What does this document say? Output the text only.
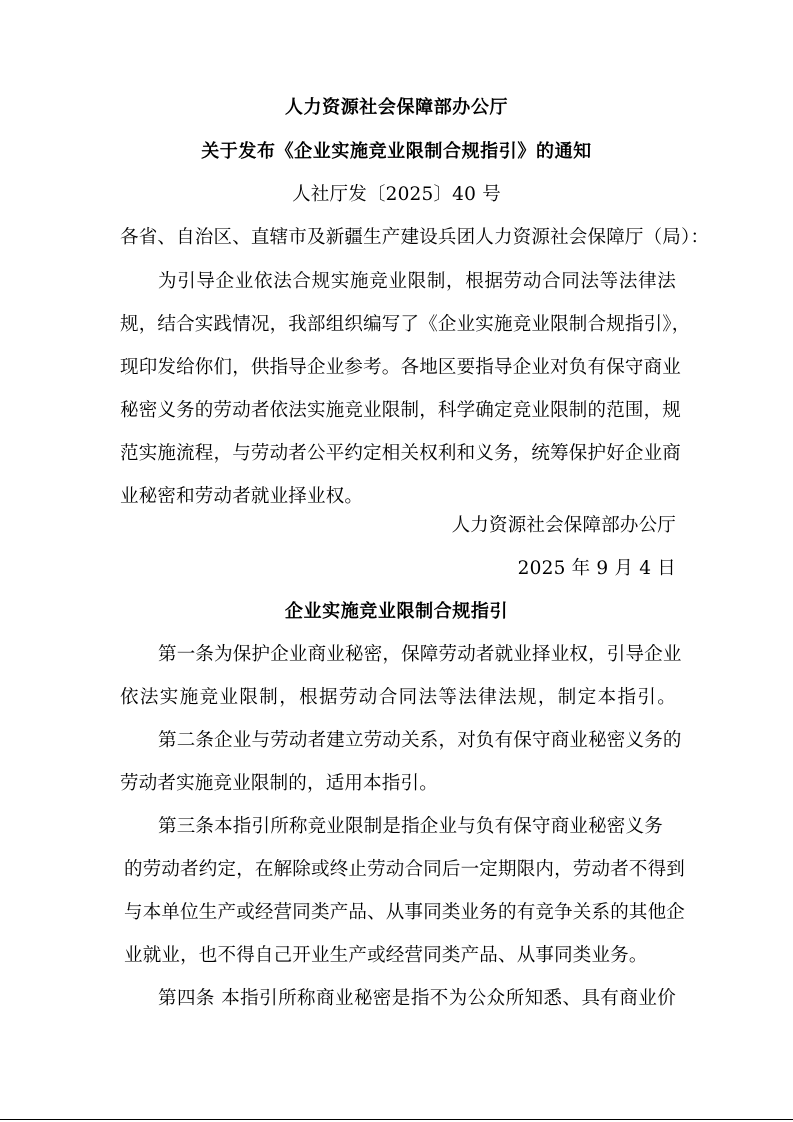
人力资源社会保障部办公厅
关于发布《企业实施竞业限制合规指引》的通知
人社厅发〔2025〕40 号
各省、自治区、直辖市及新疆生产建设兵团人力资源社会保障厅（局）：
为引导企业依法合规实施竞业限制，根据劳动合同法等法律法
规，结合实践情况，我部组织编写了《企业实施竞业限制合规指引》，
现印发给你们，供指导企业参考。各地区要指导企业对负有保守商业
秘密义务的劳动者依法实施竞业限制，科学确定竞业限制的范围，规
范实施流程，与劳动者公平约定相关权利和义务，统筹保护好企业商
业秘密和劳动者就业择业权。
人力资源社会保障部办公厅
2025 年 9 月 4 日
企业实施竞业限制合规指引
第一条为保护企业商业秘密，保障劳动者就业择业权，引导企业
依法实施竞业限制，根据劳动合同法等法律法规，制定本指引。
第二条企业与劳动者建立劳动关系，对负有保守商业秘密义务的
劳动者实施竞业限制的，适用本指引。
第三条本指引所称竞业限制是指企业与负有保守商业秘密义务
的劳动者约定，在解除或终止劳动合同后一定期限内，劳动者不得到
与本单位生产或经营同类产品、从事同类业务的有竞争关系的其他企
业就业，也不得自己开业生产或经营同类产品、从事同类业务。
第四条 本指引所称商业秘密是指不为公众所知悉、具有商业价
